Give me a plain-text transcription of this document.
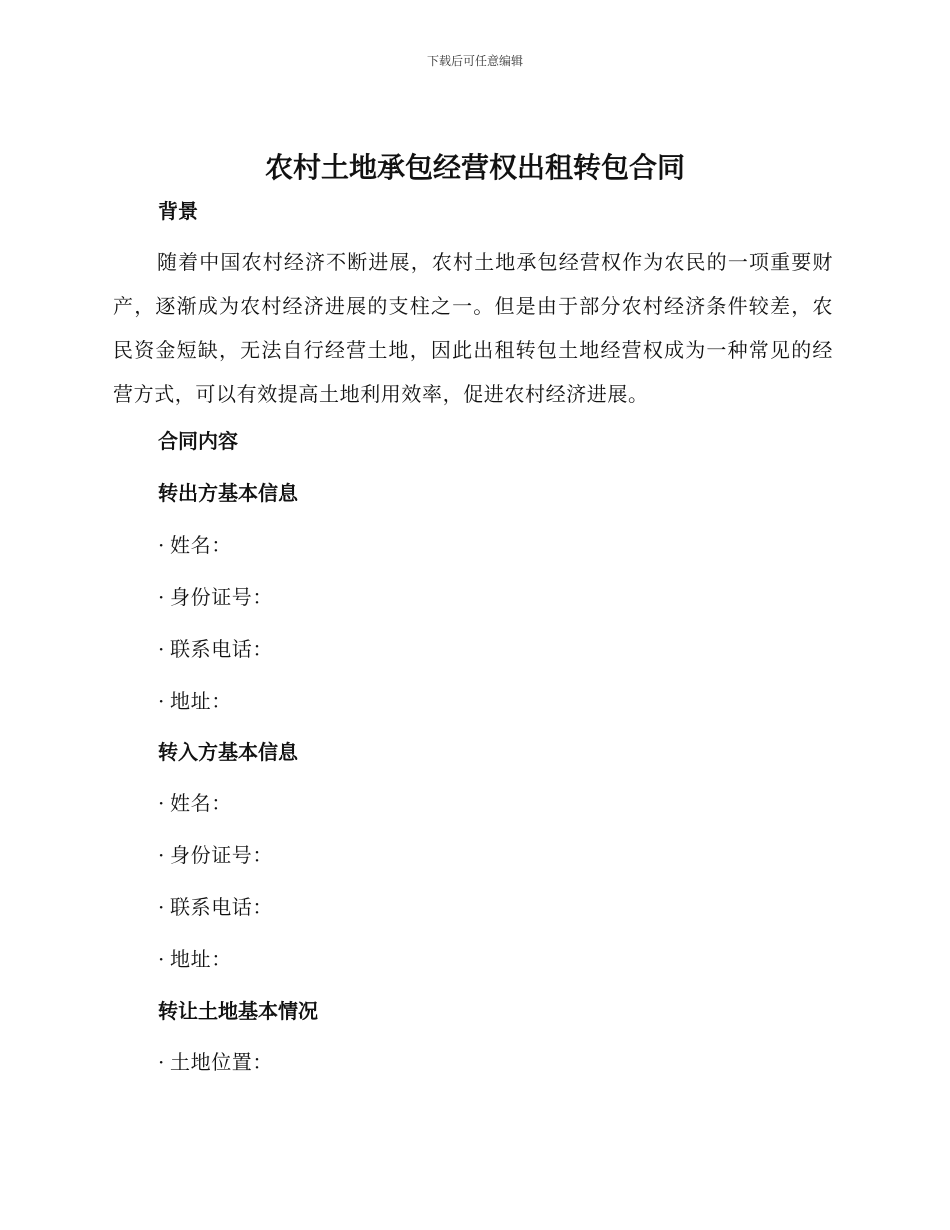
下载后可任意编辑
农村土地承包经营权出租转包合同
背景
随着中国农村经济不断进展，农村土地承包经营权作为农民的一项重要财产，逐渐成为农村经济进展的支柱之一。但是由于部分农村经济条件较差，农民资金短缺，无法自行经营土地，因此出租转包土地经营权成为一种常见的经营方式，可以有效提高土地利用效率，促进农村经济进展。
合同内容
转出方基本信息
· 姓名：
· 身份证号：
· 联系电话：
· 地址：
转入方基本信息
· 姓名：
· 身份证号：
· 联系电话：
· 地址：
转让土地基本情况
· 土地位置：
